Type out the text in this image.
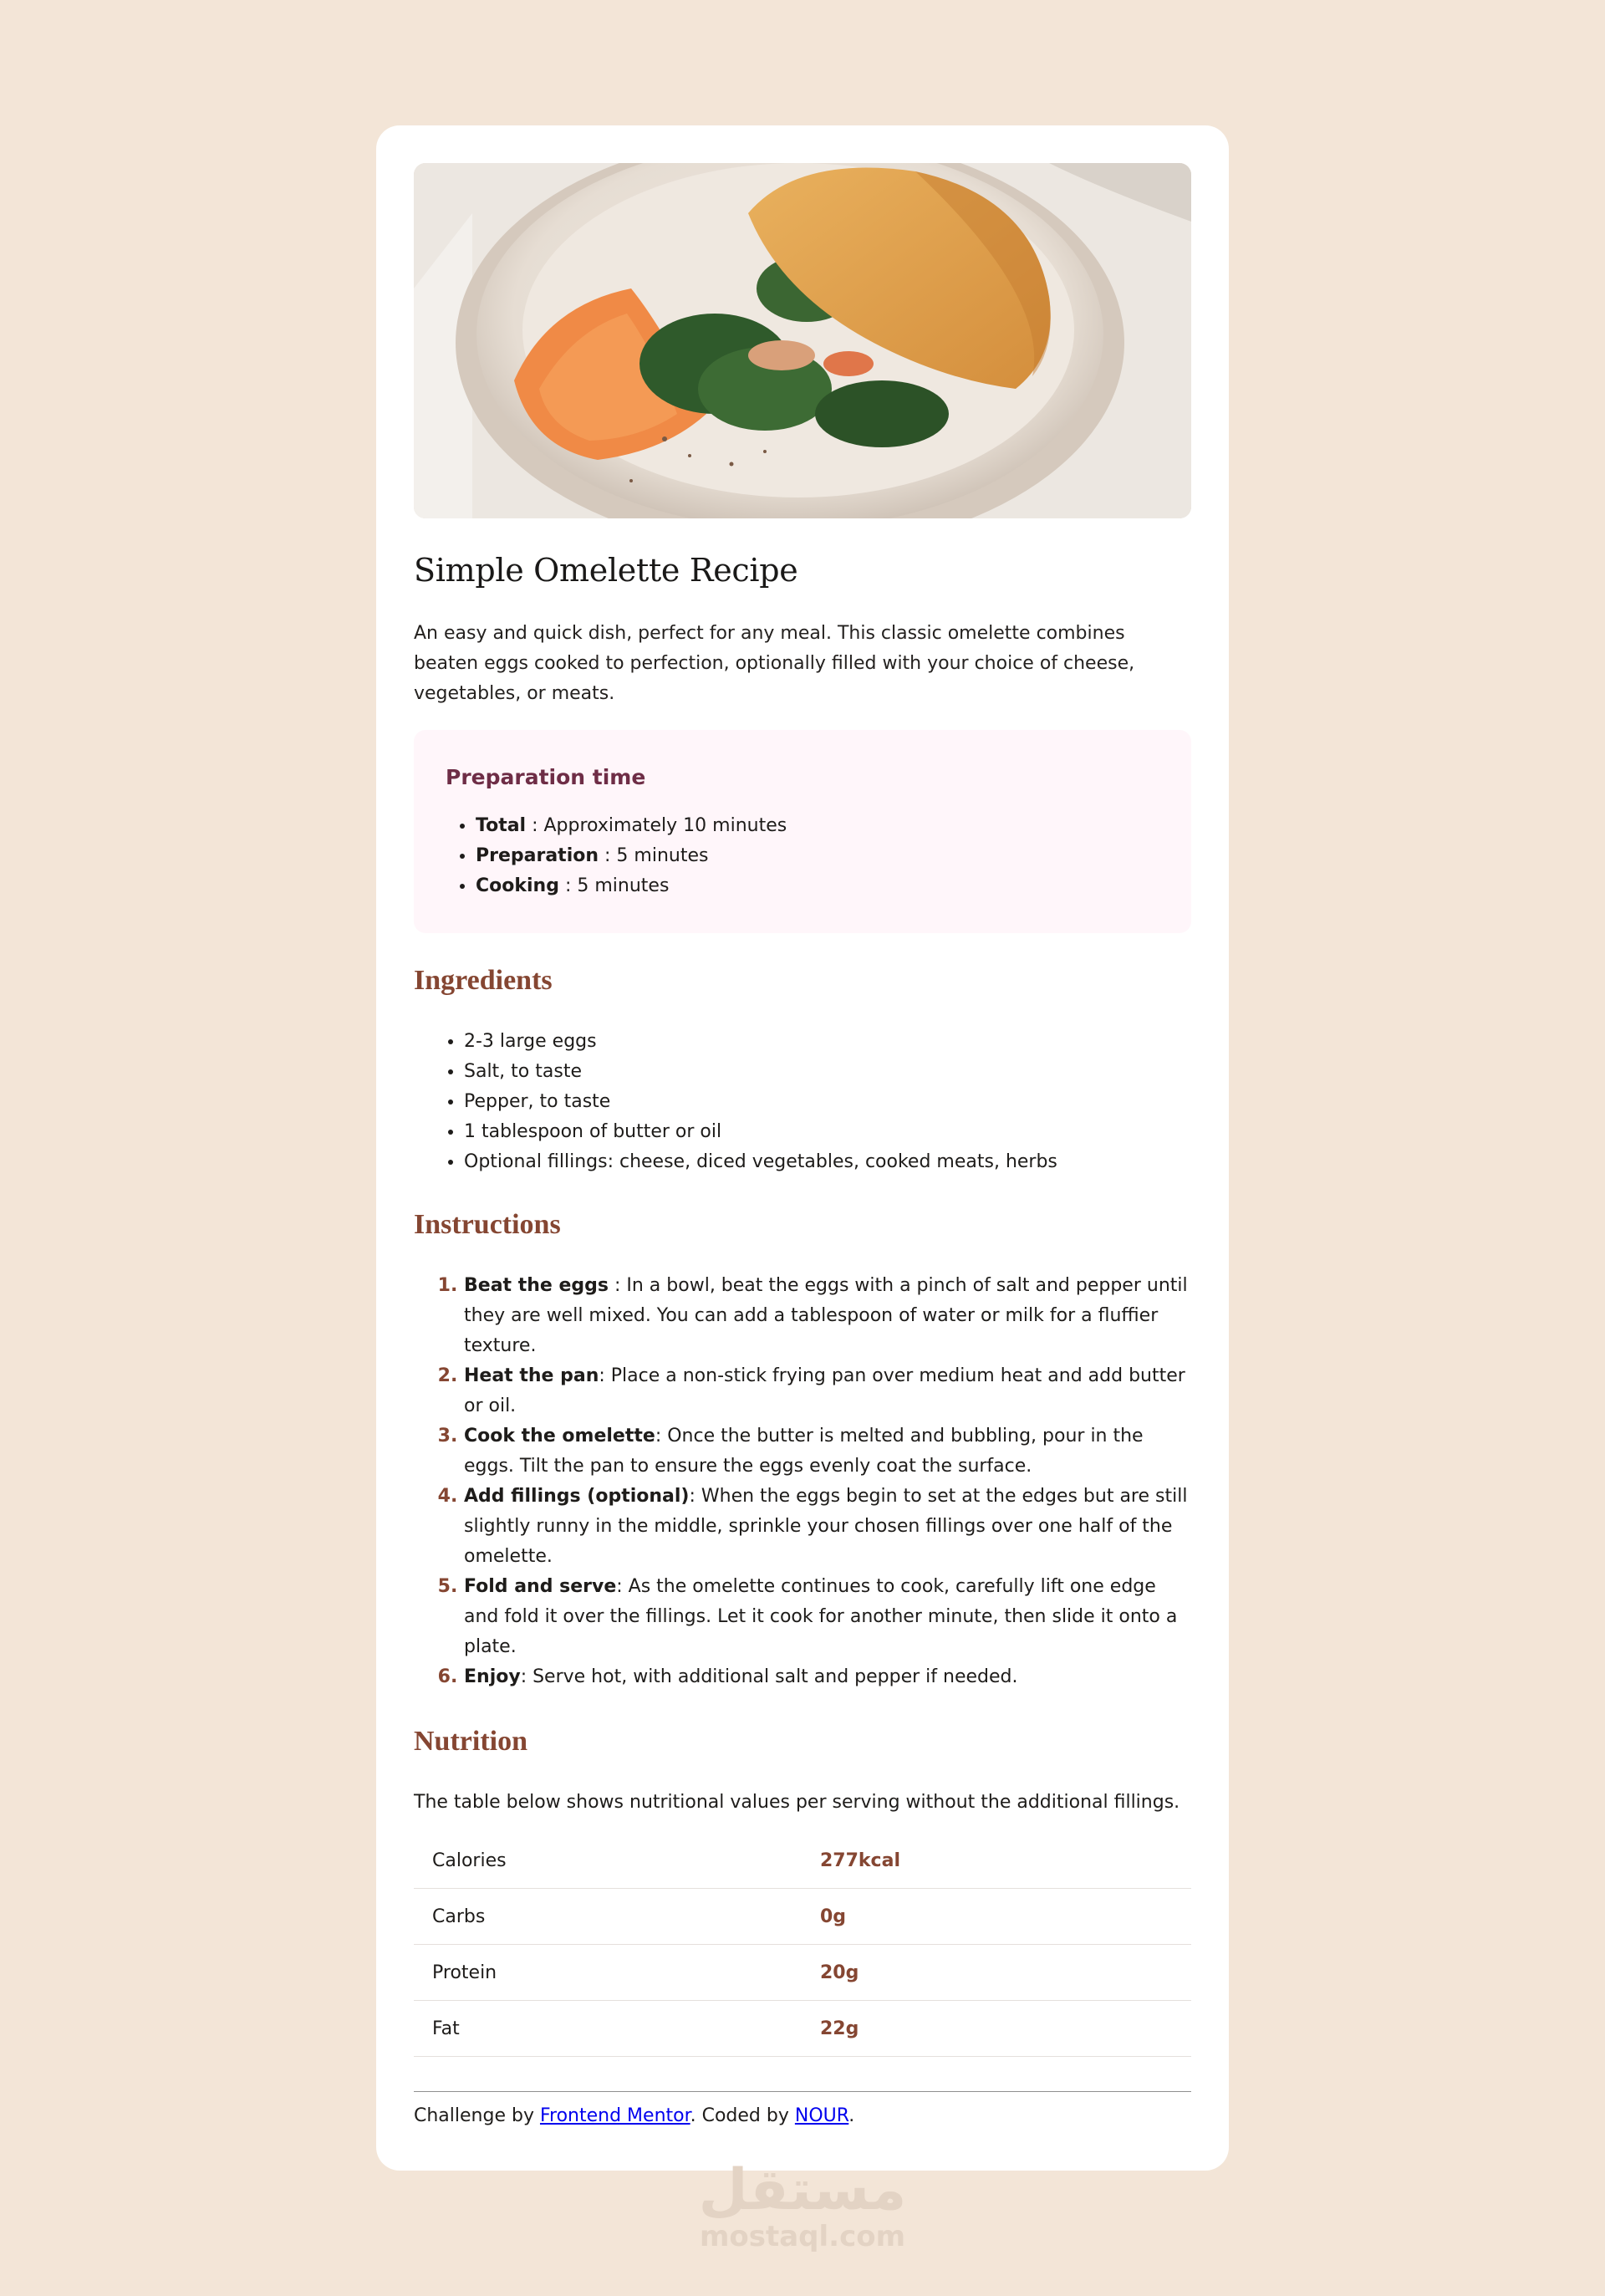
Simple Omelette Recipe

An easy and quick dish, perfect for any meal. This classic omelette combines beaten eggs cooked to perfection, optionally filled with your choice of cheese, vegetables, or meats.

Preparation time
• Total : Approximately 10 minutes
• Preparation : 5 minutes
• Cooking : 5 minutes
Ingredients
• 2-3 large eggs
• Salt, to taste
• Pepper, to taste
• 1 tablespoon of butter or oil
• Optional fillings: cheese, diced vegetables, cooked meats, herbs
Instructions
1. Beat the eggs : In a bowl, beat the eggs with a pinch of salt and pepper until they are well mixed. You can add a tablespoon of water or milk for a fluffier texture.
2. Heat the pan: Place a non-stick frying pan over medium heat and add butter or oil.
3. Cook the omelette: Once the butter is melted and bubbling, pour in the eggs. Tilt the pan to ensure the eggs evenly coat the surface.
4. Add fillings (optional): When the eggs begin to set at the edges but are still slightly runny in the middle, sprinkle your chosen fillings over one half of the omelette.
5. Fold and serve: As the omelette continues to cook, carefully lift one edge and fold it over the fillings. Let it cook for another minute, then slide it onto a plate.
6. Enjoy: Serve hot, with additional salt and pepper if needed.
Nutrition

The table below shows nutritional values per serving without the additional fillings.

Calories	277kcal
Carbs	0g
Protein	20g
Fat	22g
Challenge by Frontend Mentor. Coded by NOUR.
مستقل
mostaql.com
